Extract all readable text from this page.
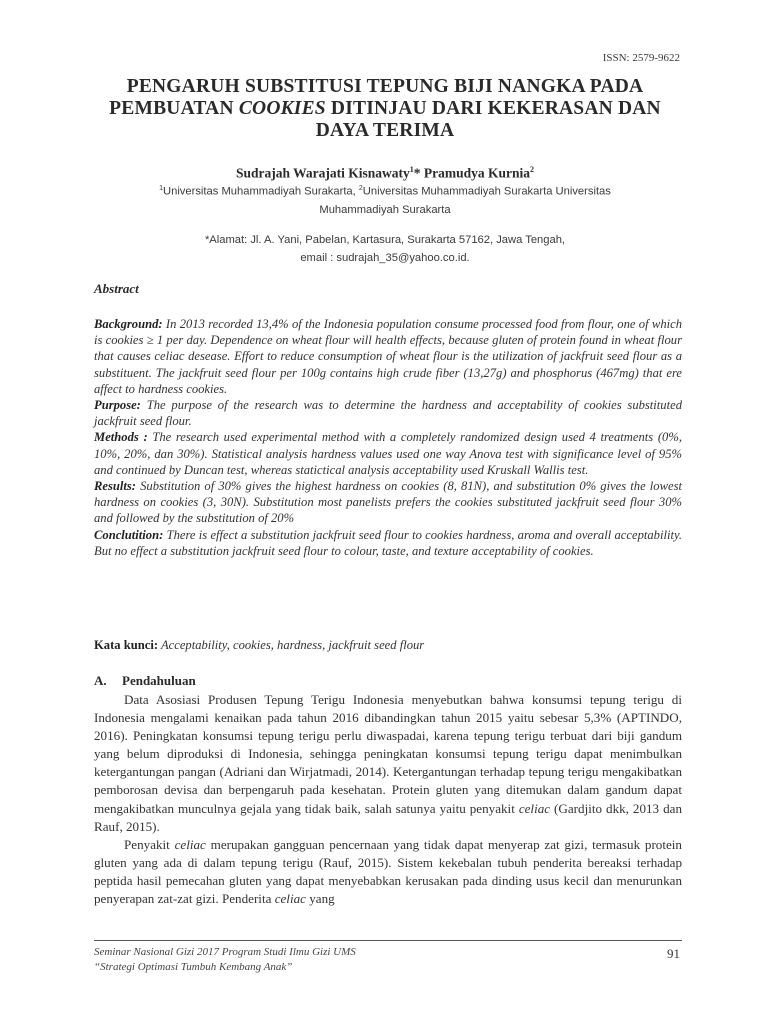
ISSN: 2579-9622
PENGARUH SUBSTITUSI TEPUNG BIJI NANGKA PADA
PEMBUATAN COOKIES DITINJAU DARI KEKERASAN DAN
DAYA TERIMA
Sudrajah Warajati Kisnawaty$^1$* Pramudya Kurnia$^2$
$^1$Universitas Muhammadiyah Surakarta, $^2$Universitas Muhammadiyah Surakarta Universitas
Muhammadiyah Surakarta
*Alamat: Jl. A. Yani, Pabelan, Kartasura, Surakarta 57162, Jawa Tengah,
email : sudrajah_35@yahoo.co.id.
Abstract

Background: In 2013 recorded 13,4% of the Indonesia population consume processed food from flour, one of which is cookies ≥ 1 per day. Dependence on wheat flour will health effects, because gluten of protein found in wheat flour that causes celiac desease. Effort to reduce consumption of wheat flour is the utilization of jackfruit seed flour as a substituent. The jackfruit seed flour per 100g contains high crude fiber (13,27g) and phosphorus (467mg) that ere affect to hardness cookies.

Purpose: The purpose of the research was to determine the hardness and acceptability of cookies substituted jackfruit seed flour.

Methods : The research used experimental method with a completely randomized design used 4 treatments (0%, 10%, 20%, dan 30%). Statistical analysis hardness values used one way Anova test with significance level of 95% and continued by Duncan test, whereas statictical analysis acceptability used Kruskall Wallis test.

Results: Substitution of 30% gives the highest hardness on cookies (8, 81N), and substitution 0% gives the lowest hardness on cookies (3, 30N). Substitution most panelists prefers the cookies substituted jackfruit seed flour 30% and followed by the substitution of 20%

Conclutition: There is effect a substitution jackfruit seed flour to cookies hardness, aroma and overall acceptability. But no effect a substitution jackfruit seed flour to colour, taste, and texture acceptability of cookies.

Kata kunci: Acceptability, cookies, hardness, jackfruit seed flour
A. Pendahuluan

Data Asosiasi Produsen Tepung Terigu Indonesia menyebutkan bahwa konsumsi tepung terigu di Indonesia mengalami kenaikan pada tahun 2016 dibandingkan tahun 2015 yaitu sebesar 5,3% (APTINDO, 2016). Peningkatan konsumsi tepung terigu perlu diwaspadai, karena tepung terigu terbuat dari biji gandum yang belum diproduksi di Indonesia, sehingga peningkatan konsumsi tepung terigu dapat menimbulkan ketergantungan pangan (Adriani dan Wirjatmadi, 2014). Ketergantungan terhadap tepung terigu mengakibatkan pemborosan devisa dan berpengaruh pada kesehatan. Protein gluten yang ditemukan dalam gandum dapat mengakibatkan munculnya gejala yang tidak baik, salah satunya yaitu penyakit celiac (Gardjito dkk, 2013 dan Rauf, 2015).

Penyakit celiac merupakan gangguan pencernaan yang tidak dapat menyerap zat gizi, termasuk protein gluten yang ada di dalam tepung terigu (Rauf, 2015). Sistem kekebalan tubuh penderita bereaksi terhadap peptida hasil pemecahan gluten yang dapat menyebabkan kerusakan pada dinding usus kecil dan menurunkan penyerapan zat-zat gizi. Penderita celiac yang

Seminar Nasional Gizi 2017 Program Studi Ilmu Gizi UMS
“Strategi Optimasi Tumbuh Kembang Anak”
91
